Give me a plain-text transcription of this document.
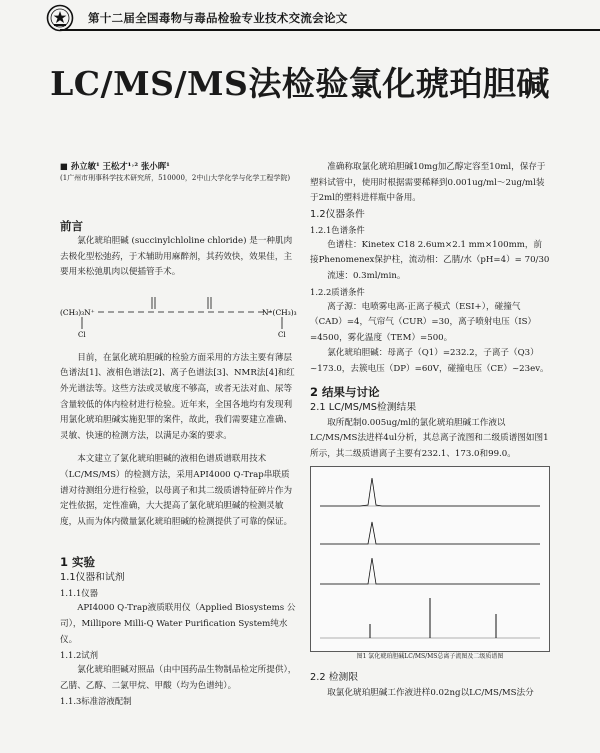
第十二届全国毒物与毒品检验专业技术交流会论文
LC/MS/MS法检验氯化琥珀胆碱

■ 孙立敏¹ 王松才¹˒² 张小晖¹

(1广州市刑事科学技术研究所，510000，2中山大学化学与化学工程学院)

前言

氯化琥珀胆碱 (succinylchloline chloride) 是一种肌肉去极化型松弛药，于术辅助用麻醉剂，其药效快，效果佳，主要用来松弛肌肉以便插管手术。

(CH₃)₃N⁺
Cl
N⁺(CH₃)₃
Cl

目前，在氯化琥珀胆碱的检验方面采用的方法主要有薄层色谱法[1]、液相色谱法[2]、离子色谱法[3]、NMR法[4]和红外光谱法等。这些方法或灵敏度不够高，或者无法对血、尿等含量较低的体内检材进行检验。近年来，全国各地均有发现利用氯化琥珀胆碱实施犯罪的案件，故此，我们需要建立准确、灵敏、快速的检测方法，以满足办案的要求。

本文建立了氯化琥珀胆碱的液相色谱质谱联用技术（LC/MS/MS）的检测方法，采用API4000 Q-Trap串联质谱对待测组分进行检验，以母离子和其二级质谱特征碎片作为定性依据，定性准确，大大提高了氯化琥珀胆碱的检测灵敏度，从而为体内微量氯化琥珀胆碱的检测提供了可靠的保证。

1 实验
1.1仪器和试剂
1.1.1仪器

API4000 Q-Trap液质联用仪（Applied Biosystems 公司），Millipore Milli-Q Water Purification System纯水仪。

1.1.2试剂

氯化琥珀胆碱对照品（由中国药品生物制品检定所提供），乙腈、乙醇、二氯甲烷、甲酸（均为色谱纯）。

1.1.3标准溶液配制

准确称取氯化琥珀胆碱10mg加乙醇定容至10ml，保存于塑料试管中，使用时根据需要稀释到0.001ug/ml～2ug/ml装于2ml的塑料进样瓶中备用。

1.2仪器条件
1.2.1色谱条件

色谱柱：Kinetex C18 2.6um×2.1 mm×100mm，前接Phenomenex保护柱，流动相：乙腈/水（pH=4）= 70/30

流速：0.3ml/min。

1.2.2质谱条件

离子源：电喷雾电离-正离子模式（ESI+），碰撞气（CAD）=4，气帘气（CUR）=30，离子喷射电压（IS）=4500，雾化温度（TEM）=500。

氯化琥珀胆碱：母离子（Q1）=232.2，子离子（Q3）~173.0，去簇电压（DP）=60V，碰撞电压（CE）~23ev。

2 结果与讨论
2.1 LC/MS/MS检测结果

取所配制0.005ug/ml的氯化琥珀胆碱工作液以LC/MS/MS法进样4ul分析，其总离子流图和二级质谱图如图1所示，其二级质谱离子主要有232.1、173.0和99.0。

图1 氯化琥珀胆碱LC/MS/MS总离子流图及二级质谱图
2.2 检测限

取氯化琥珀胆碱工作液进样0.02ng以LC/MS/MS法分
